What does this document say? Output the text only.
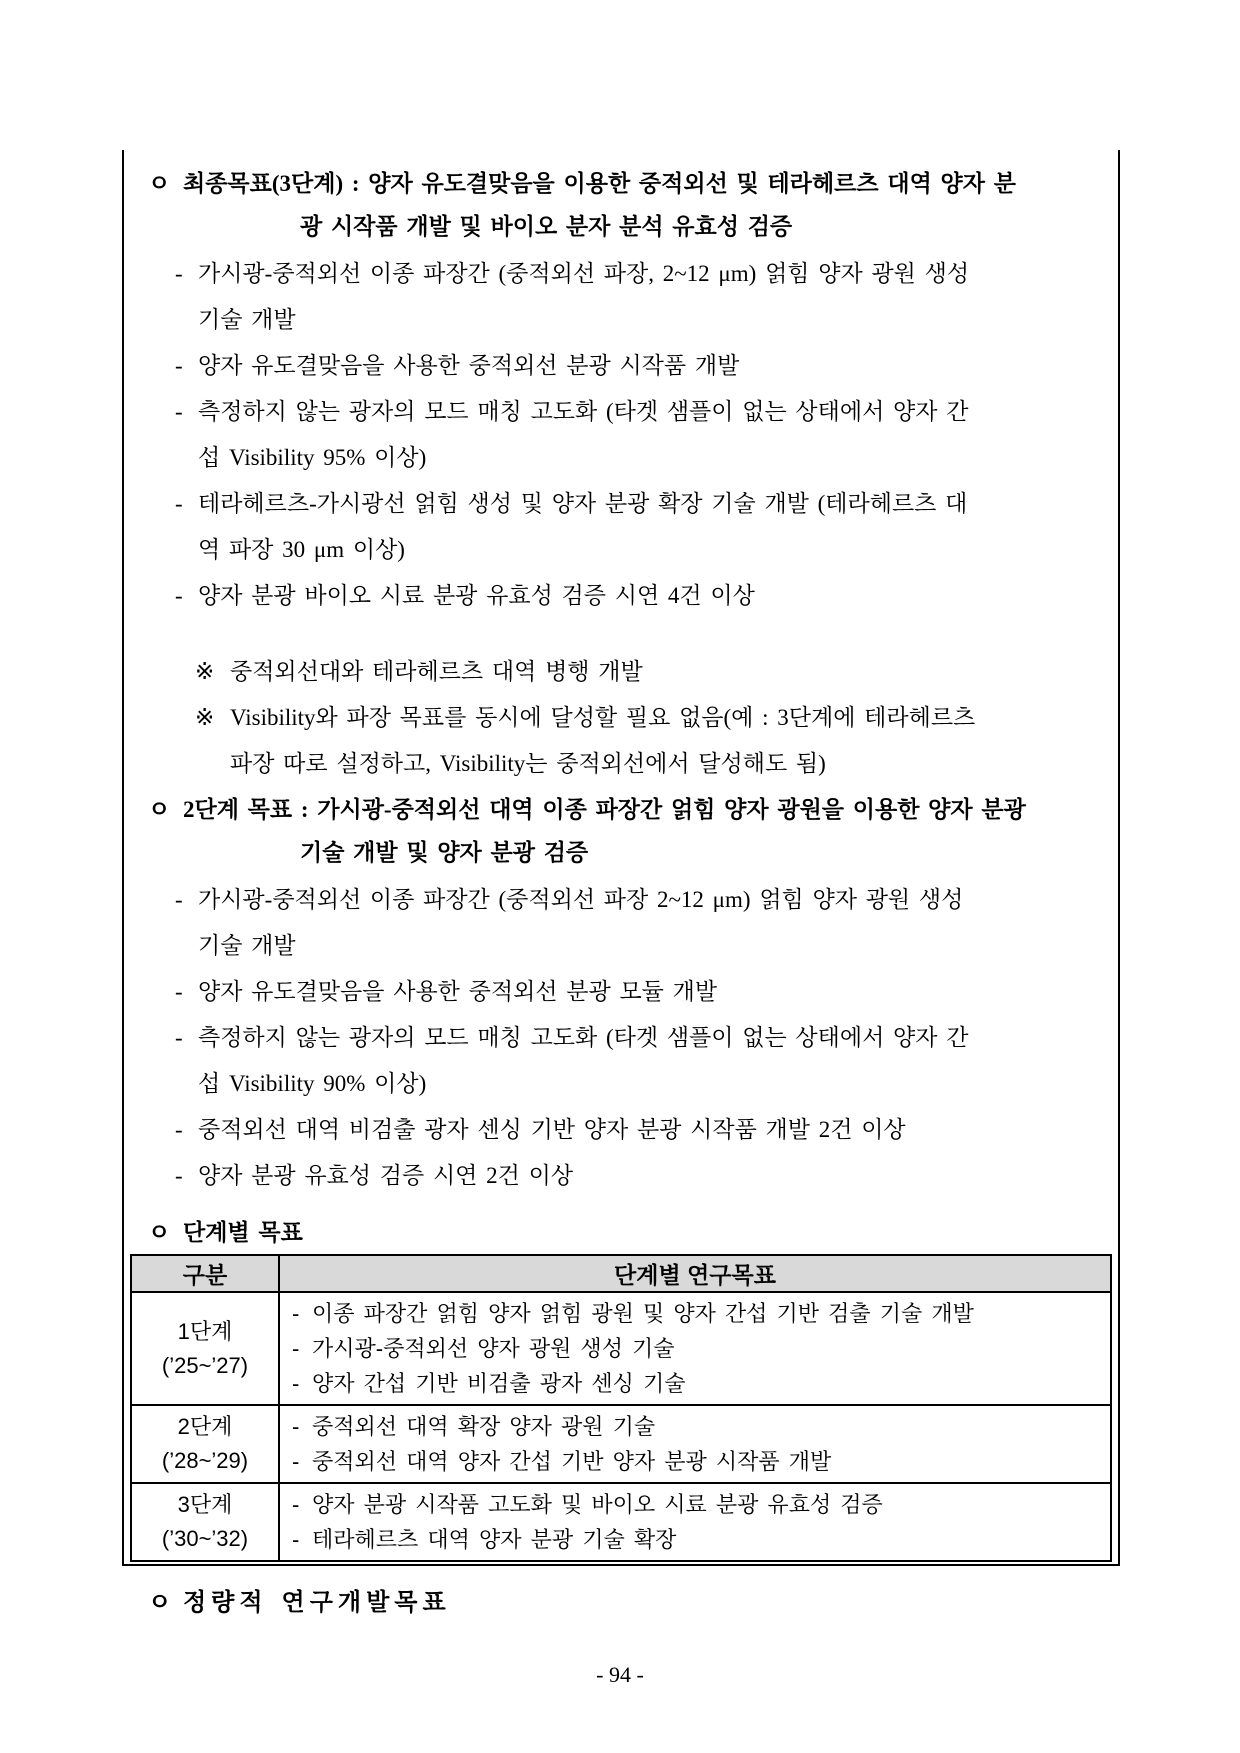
ㅇ 최종목표(3단계) : 양자 유도결맞음을 이용한 중적외선 및 테라헤르츠 대역 양자 분
광 시작품 개발 및 바이오 분자 분석 유효성 검증
- 가시광-중적외선 이종 파장간 (중적외선 파장, 2~12 μm) 얽힘 양자 광원 생성
기술 개발
- 양자 유도결맞음을 사용한 중적외선 분광 시작품 개발
- 측정하지 않는 광자의 모드 매칭 고도화 (타겟 샘플이 없는 상태에서 양자 간
섭 Visibility 95% 이상)
- 테라헤르츠-가시광선 얽힘 생성 및 양자 분광 확장 기술 개발 (테라헤르츠 대
역 파장 30 μm 이상)
- 양자 분광 바이오 시료 분광 유효성 검증 시연 4건 이상
※ 중적외선대와 테라헤르츠 대역 병행 개발
※ Visibility와 파장 목표를 동시에 달성할 필요 없음(예 : 3단계에 테라헤르츠
파장 따로 설정하고, Visibility는 중적외선에서 달성해도 됨)
ㅇ 2단계 목표 : 가시광-중적외선 대역 이종 파장간 얽힘 양자 광원을 이용한 양자 분광
기술 개발 및 양자 분광 검증
- 가시광-중적외선 이종 파장간 (중적외선 파장 2~12 μm) 얽힘 양자 광원 생성
기술 개발
- 양자 유도결맞음을 사용한 중적외선 분광 모듈 개발
- 측정하지 않는 광자의 모드 매칭 고도화 (타겟 샘플이 없는 상태에서 양자 간
섭 Visibility 90% 이상)
- 중적외선 대역 비검출 광자 센싱 기반 양자 분광 시작품 개발 2건 이상
- 양자 분광 유효성 검증 시연 2건 이상
ㅇ 단계별 목표
구분	단계별 연구목표

1단계
(’25~’27)

- 이종 파장간 얽힘 양자 얽힘 광원 및 양자 간섭 기반 검출 기술 개발
- 가시광-중적외선 양자 광원 생성 기술
- 양자 간섭 기반 비검출 광자 센싱 기술

2단계
(’28~’29)

- 중적외선 대역 확장 양자 광원 기술
- 중적외선 대역 양자 간섭 기반 양자 분광 시작품 개발

3단계
(’30~’32)

- 양자 분광 시작품 고도화 및 바이오 시료 분광 유효성 검증
- 테라헤르츠 대역 양자 분광 기술 확장
ㅇ 정량적 연구개발목표
- 94 -
